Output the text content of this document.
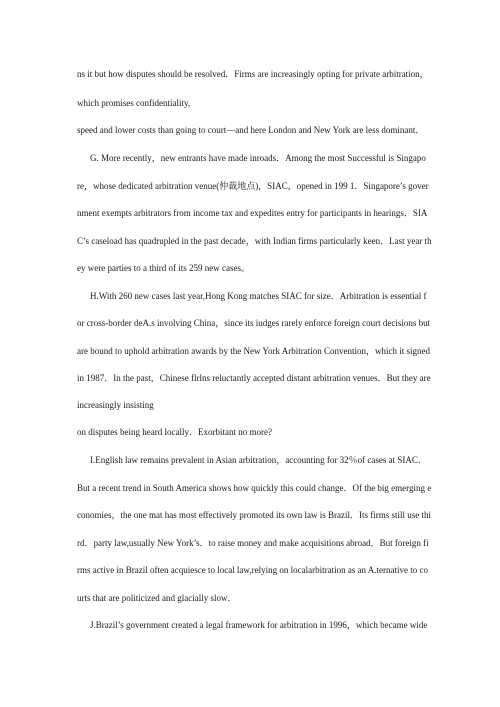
ns it but how disputes should be resolved．Firms are increasingly opting for private arbitration，
which promises confidentiality,
speed and lower costs than going to court—and here London and New York are less dominant．
G. More recently，new entrants have made inroads．Among the most Successful is Singapo
re，whose dedicated arbitration venue(仲裁地点)，SIAC，opened in 199 1．Singapore’s gover
nment exempts arbitrators from income tax and expedites entry for participants in hearings．SIA
C’s caseload has quadrupled in the past decade，with Indian firms particularly keen．Last year th
ey were parties to a third of its 259 new cases。
H.With 260 new cases last year,Hong Kong matches SIAC for size．Arbitration is essential f
or cross-border deA.s involving China，since its iudges rarely enforce foreign court decisions but
are bound to uphold arbitration awards by the New York Arbitration Convention，which it signed
in 1987．In the past，Chinese flrlns reluctantly accepted distant arbitration venues．But they are
increasingly insisting
on disputes being heard locally．Exorbitant no more?
I.English law remains prevalent in Asian arbitration，accounting for 32％of cases at SIAC．
But a recent trend in South America shows how quickly this could change．Of the big emerging e
conomies，the one mat has most effectively promoted its own law is Brazil．Its firms still use thi
rd．party law,usually New York’s．to raise money and make acquisitions abroad．But foreign fi
rms active in Brazil often acquiesce to local law,relying on localarbitration as an A.ternative to co
urts that are politicized and glacially slow．
J.Brazil’s government created a legal framework for arbitration in 1996，which became wide
